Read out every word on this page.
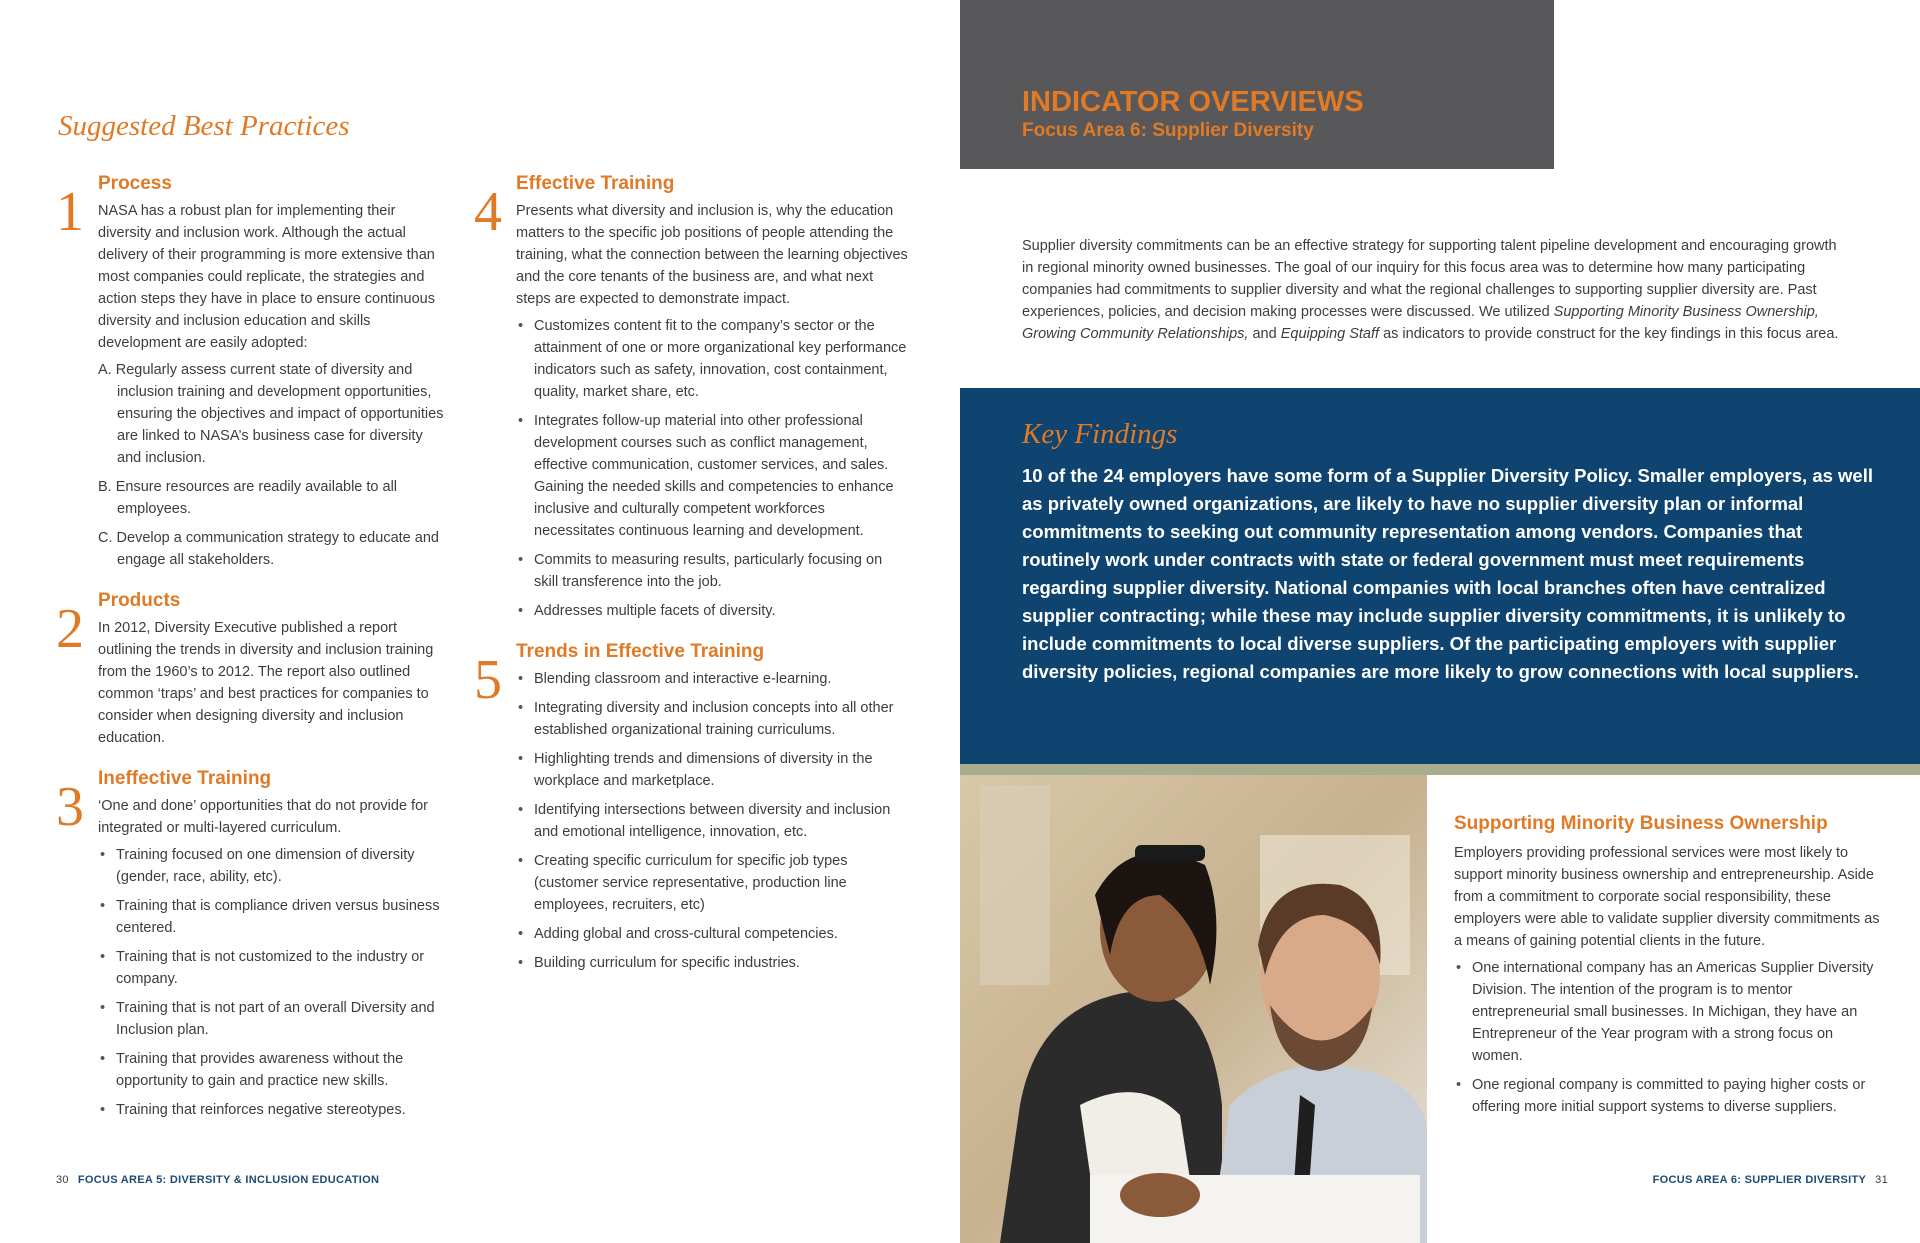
Suggested Best Practices
1 Process

NASA has a robust plan for implementing their diversity and inclusion work. Although the actual delivery of their programming is more extensive than most companies could replicate, the strategies and action steps they have in place to ensure continuous diversity and inclusion education and skills development are easily adopted:

A. Regularly assess current state of diversity and inclusion training and development opportunities, ensuring the objectives and impact of opportunities are linked to NASA’s business case for diversity and inclusion.
B. Ensure resources are readily available to all employees.
C. Develop a communication strategy to educate and engage all stakeholders.
2 Products

In 2012, Diversity Executive published a report outlining the trends in diversity and inclusion training from the 1960’s to 2012. The report also outlined common ‘traps’ and best practices for companies to consider when designing diversity and inclusion education.

3 Ineffective Training

‘One and done’ opportunities that do not provide for integrated or multi-layered curriculum.

• Training focused on one dimension of diversity (gender, race, ability, etc).
• Training that is compliance driven versus business centered.
• Training that is not customized to the industry or company.
• Training that is not part of an overall Diversity and Inclusion plan.
• Training that provides awareness without the opportunity to gain and practice new skills.
• Training that reinforces negative stereotypes.
4 Effective Training

Presents what diversity and inclusion is, why the education matters to the specific job positions of people attending the training, what the connection between the learning objectives and the core tenants of the business are, and what next steps are expected to demonstrate impact.

• Customizes content fit to the company’s sector or the attainment of one or more organizational key performance indicators such as safety, innovation, cost containment, quality, market share, etc.
• Integrates follow-up material into other professional development courses such as conflict management, effective communication, customer services, and sales. Gaining the needed skills and competencies to enhance inclusive and culturally competent workforces necessitates continuous learning and development.
• Commits to measuring results, particularly focusing on skill transference into the job.
• Addresses multiple facets of diversity.
5 Trends in Effective Training
• Blending classroom and interactive e-learning.
• Integrating diversity and inclusion concepts into all other established organizational training curriculums.
• Highlighting trends and dimensions of diversity in the workplace and marketplace.
• Identifying intersections between diversity and inclusion and emotional intelligence, innovation, etc.
• Creating specific curriculum for specific job types (customer service representative, production line employees, recruiters, etc)
• Adding global and cross-cultural competencies.
• Building curriculum for specific industries.
30 FOCUS AREA 5: DIVERSITY & INCLUSION EDUCATION
INDICATOR OVERVIEWS
Focus Area 6: Supplier Diversity

Supplier diversity commitments can be an effective strategy for supporting talent pipeline development and encouraging growth in regional minority owned businesses. The goal of our inquiry for this focus area was to determine how many participating companies had commitments to supplier diversity and what the regional challenges to supporting supplier diversity are. Past experiences, policies, and decision making processes were discussed. We utilized Supporting Minority Business Ownership, Growing Community Relationships, and Equipping Staff as indicators to provide construct for the key findings in this focus area.

Key Findings

10 of the 24 employers have some form of a Supplier Diversity Policy. Smaller employers, as well as privately owned organizations, are likely to have no supplier diversity plan or informal commitments to seeking out community representation among vendors. Companies that routinely work under contracts with state or federal government must meet requirements regarding supplier diversity. National companies with local branches often have centralized supplier contracting; while these may include supplier diversity commitments, it is unlikely to include commitments to local diverse suppliers. Of the participating employers with supplier diversity policies, regional companies are more likely to grow connections with local suppliers.

Supporting Minority Business Ownership

Employers providing professional services were most likely to support minority business ownership and entrepreneurship. Aside from a commitment to corporate social responsibility, these employers were able to validate supplier diversity commitments as a means of gaining potential clients in the future.

• One international company has an Americas Supplier Diversity Division. The intention of the program is to mentor entrepreneurial small businesses. In Michigan, they have an Entrepreneur of the Year program with a strong focus on women.
• One regional company is committed to paying higher costs or offering more initial support systems to diverse suppliers.
FOCUS AREA 6: SUPPLIER DIVERSITY 31
